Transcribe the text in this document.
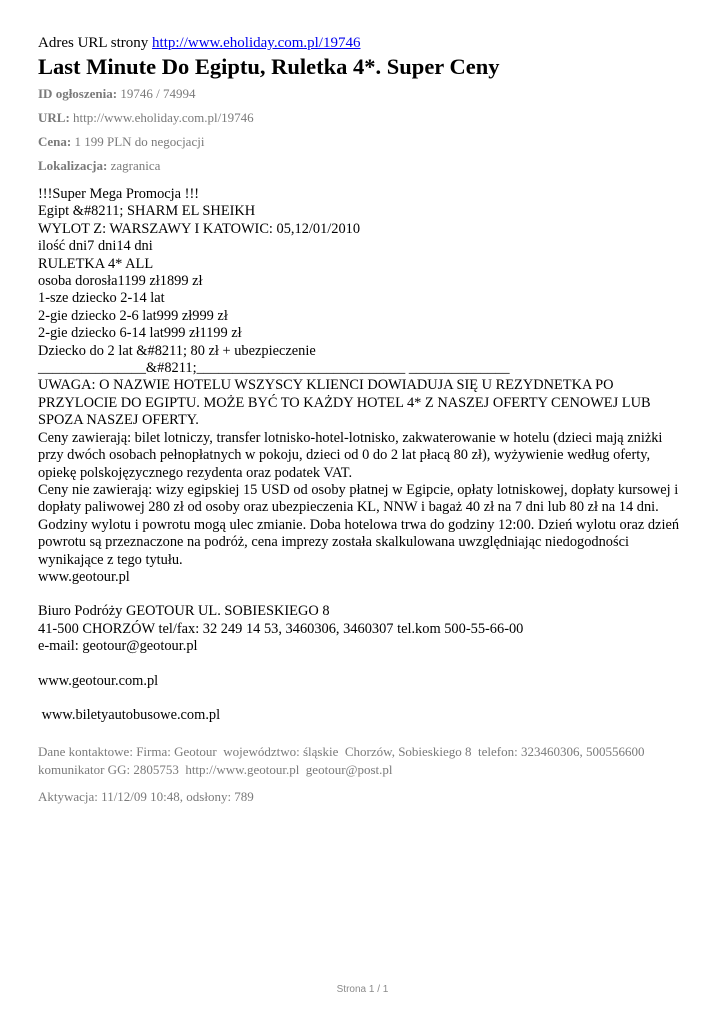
Adres URL strony http://www.eholiday.com.pl/19746

Last Minute Do Egiptu, Ruletka 4*. Super Ceny

ID ogłoszenia: 19746 / 74994

URL: http://www.eholiday.com.pl/19746

Cena: 1 199 PLN do negocjacji

Lokalizacja: zagranica

!!!Super Mega Promocja !!!
Egipt &#8211; SHARM EL SHEIKH
WYLOT Z: WARSZAWY I KATOWIC: 05,12/01/2010
ilość dni7 dni14 dni
RULETKA 4* ALL
osoba dorosła1199 zł1899 zł
1-sze dziecko 2-14 lat
2-gie dziecko 2-6 lat999 zł999 zł
2-gie dziecko 6-14 lat999 zł1199 zł
Dziecko do 2 lat &#8211; 80 zł + ubezpieczenie
_______________&#8211;_____________________________ ______________
UWAGA: O NAZWIE HOTELU WSZYSCY KLIENCI DOWIADUJA SIĘ U REZYDNETKA PO PRZYLOCIE DO EGIPTU. MOŻE BYĆ TO KAŻDY HOTEL 4* Z NASZEJ OFERTY CENOWEJ LUB SPOZA NASZEJ OFERTY.
Ceny zawierają: bilet lotniczy, transfer lotnisko-hotel-lotnisko, zakwaterowanie w hotelu (dzieci mają zniżki przy dwóch osobach pełnopłatnych w pokoju, dzieci od 0 do 2 lat płacą 80 zł), wyżywienie według oferty, opiekę polskojęzycznego rezydenta oraz podatek VAT.
Ceny nie zawierają: wizy egipskiej 15 USD od osoby płatnej w Egipcie, opłaty lotniskowej, dopłaty kursowej i dopłaty paliwowej 280 zł od osoby oraz ubezpieczenia KL, NNW i bagaż 40 zł na 7 dni lub 80 zł na 14 dni. Godziny wylotu i powrotu mogą ulec zmianie. Doba hotelowa trwa do godziny 12:00. Dzień wylotu oraz dzień powrotu są przeznaczone na podróż, cena imprezy została skalkulowana uwzględniając niedogodności wynikające z tego tytułu.
www.geotour.pl
Biuro Podróży GEOTOUR UL. SOBIESKIEGO 8
41-500 CHORZÓW tel/fax: 32 249 14 53, 3460306, 3460307 tel.kom 500-55-66-00
e-mail: geotour@geotour.pl
www.geotour.com.pl
www.biletyautobusowe.com.pl
Dane kontaktowe: Firma: Geotour  województwo: śląskie  Chorzów, Sobieskiego 8  telefon: 323460306, 500556600
komunikator GG: 2805753  http://www.geotour.pl  geotour@post.pl
Aktywacja: 11/12/09 10:48, odsłony: 789
Strona 1 / 1
